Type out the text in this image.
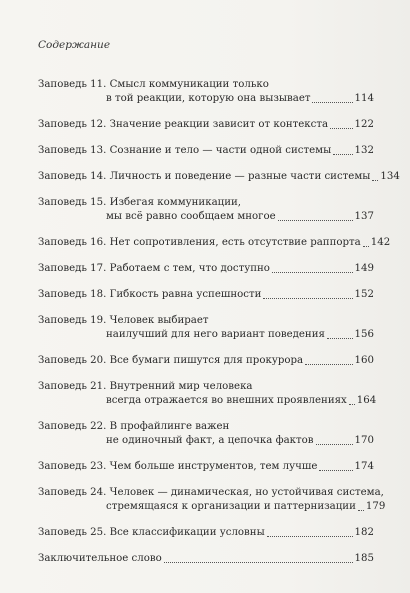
Содержание
Заповедь 11. Смысл коммуникации только
в той реакции, которую она вызывает	114
Заповедь 12. Значение реакции зависит от контекста	122
Заповедь 13. Сознание и тело — части одной системы 132
Заповедь 14. Личность и поведение — разные части системы 134
Заповедь 15. Избегая коммуникации,
мы всё равно сообщаем многое	137
Заповедь 16. Нет сопротивления, есть отсутствие раппорта 142
Заповедь 17. Работаем с тем, что доступно	149
Заповедь 18. Гибкость равна успешности	152
Заповедь 19. Человек выбирает
наилучший для него вариант поведения	156
Заповедь 20. Все бумаги пишутся для прокурора	160
Заповедь 21. Внутренний мир человека
всегда отражается во внешних проявлениях 164
Заповедь 22. В профайлинге важен
не одиночный факт, а цепочка фактов	170
Заповедь 23. Чем больше инструментов, тем лучше	174
Заповедь 24. Человек — динамическая, но устойчивая система,
стремящаяся к организации и паттернизации 179
Заповедь 25. Все классификации условны	182
Заключительное слово	185
